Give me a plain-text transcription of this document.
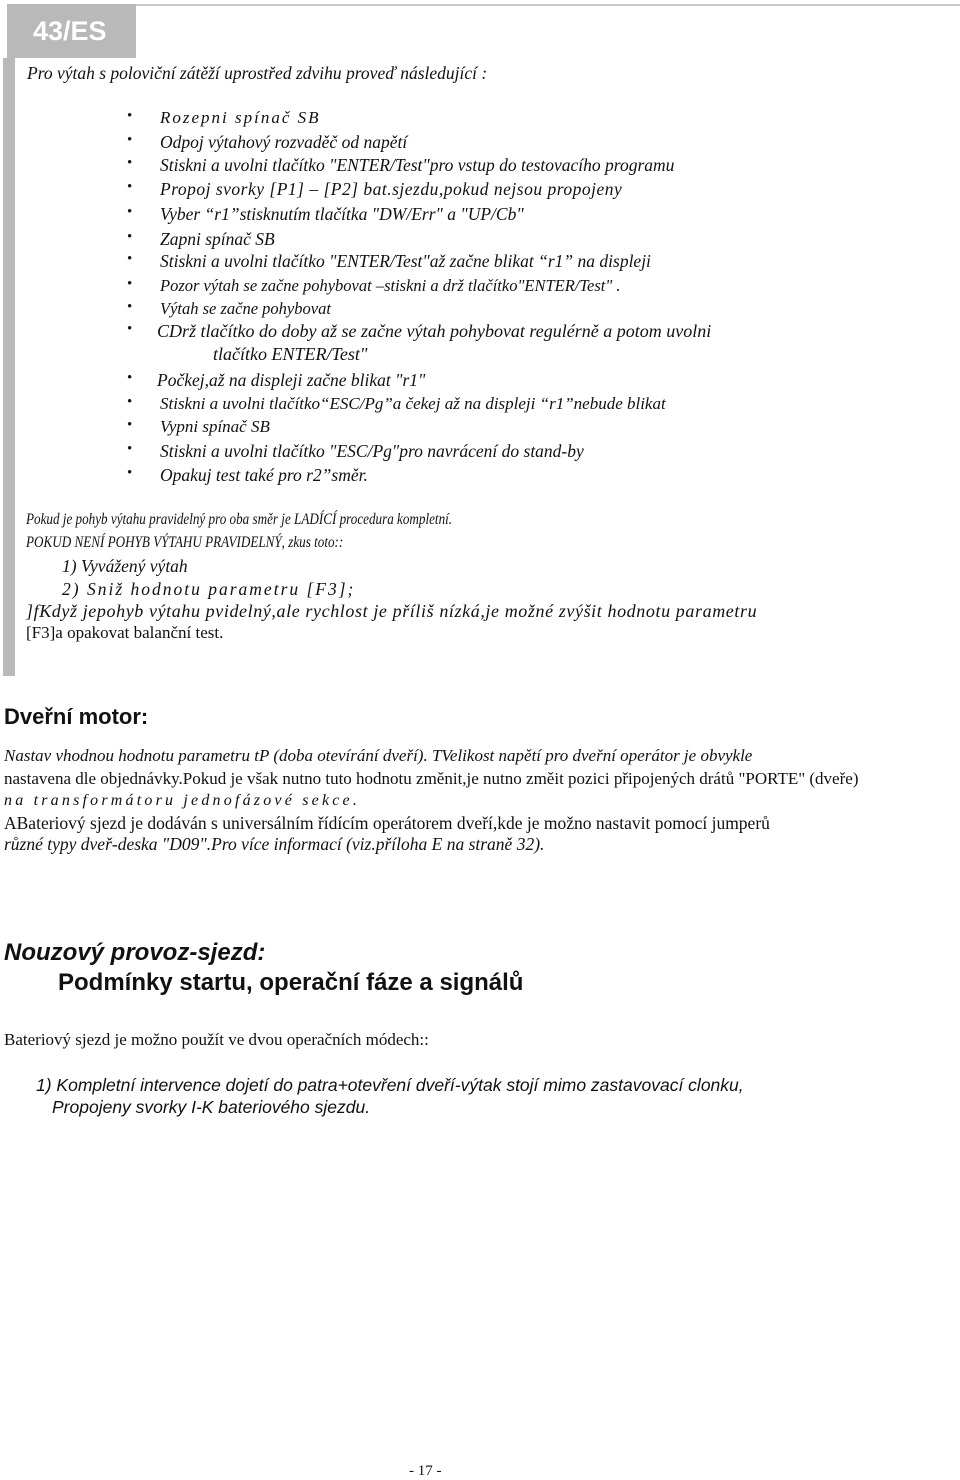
43/ES
Pro výtah s poloviční zátěží uprostřed zdvihu proveď následující :
• Rozepni spínač SB
• Odpoj výtahový rozvaděč od napětí
• Stiskni a uvolni tlačítko "ENTER/Test"pro vstup do testovacího programu
• Propoj svorky [P1] – [P2] bat.sjezdu,pokud nejsou propojeny
• Vyber “r1”stisknutím tlačítka "DW/Err" a "UP/Cb"
• Zapni spínač SB
• Stiskni a uvolni tlačítko "ENTER/Test"až začne blikat “r1” na displeji
• Pozor výtah se začne pohybovat –stiskni a drž tlačítko"ENTER/Test" .
• Výtah se začne pohybovat
• CDrž tlačítko do doby až se začne výtah pohybovat regulérně a potom uvolni
tlačítko ENTER/Test"
• Počkej,až na displeji začne blikat "r1"
• Stiskni a uvolni tlačítko“ESC/Pg”a čekej až na displeji “r1”nebude blikat
• Vypni spínač SB
• Stiskni a uvolni tlačítko "ESC/Pg"pro navrácení do stand-by
• Opakuj test také pro r2”směr.
Pokud je pohyb výtahu pravidelný pro oba směr je LADÍCÍ procedura kompletní.
POKUD NENÍ POHYB VÝTAHU PRAVIDELNÝ, zkus toto::
1) Vyvážený výtah
2) Sniž hodnotu parametru [F3];
]fKdyž jepohyb výtahu pvidelný,ale rychlost je příliš nízká,je možné zvýšit hodnotu parametru
[F3]a opakovat balanční test.
Dveřní motor:
Nastav vhodnou hodnotu parametru tP (doba otevírání dveří). TVelikost napětí pro dveřní operátor je obvykle
nastavena dle objednávky.Pokud je však nutno tuto hodnotu změnit,je nutno změit pozici připojených drátů "PORTE" (dveře)
na transformátoru jednofázové sekce.
ABateriový sjezd je dodáván s universálním řídícím operátorem dveří,kde je možno nastavit pomocí jumperů
různé typy dveř-deska "D09".Pro více informací (viz.příloha E na straně 32).
Nouzový provoz-sjezd:
Podmínky startu, operační fáze a signálů
Bateriový sjezd je možno použít ve dvou operačních módech::
1) Kompletní intervence dojetí do patra+otevření dveří-výtak stojí mimo zastavovací clonku,
Propojeny svorky I-K bateriového sjezdu.
- 17 -
